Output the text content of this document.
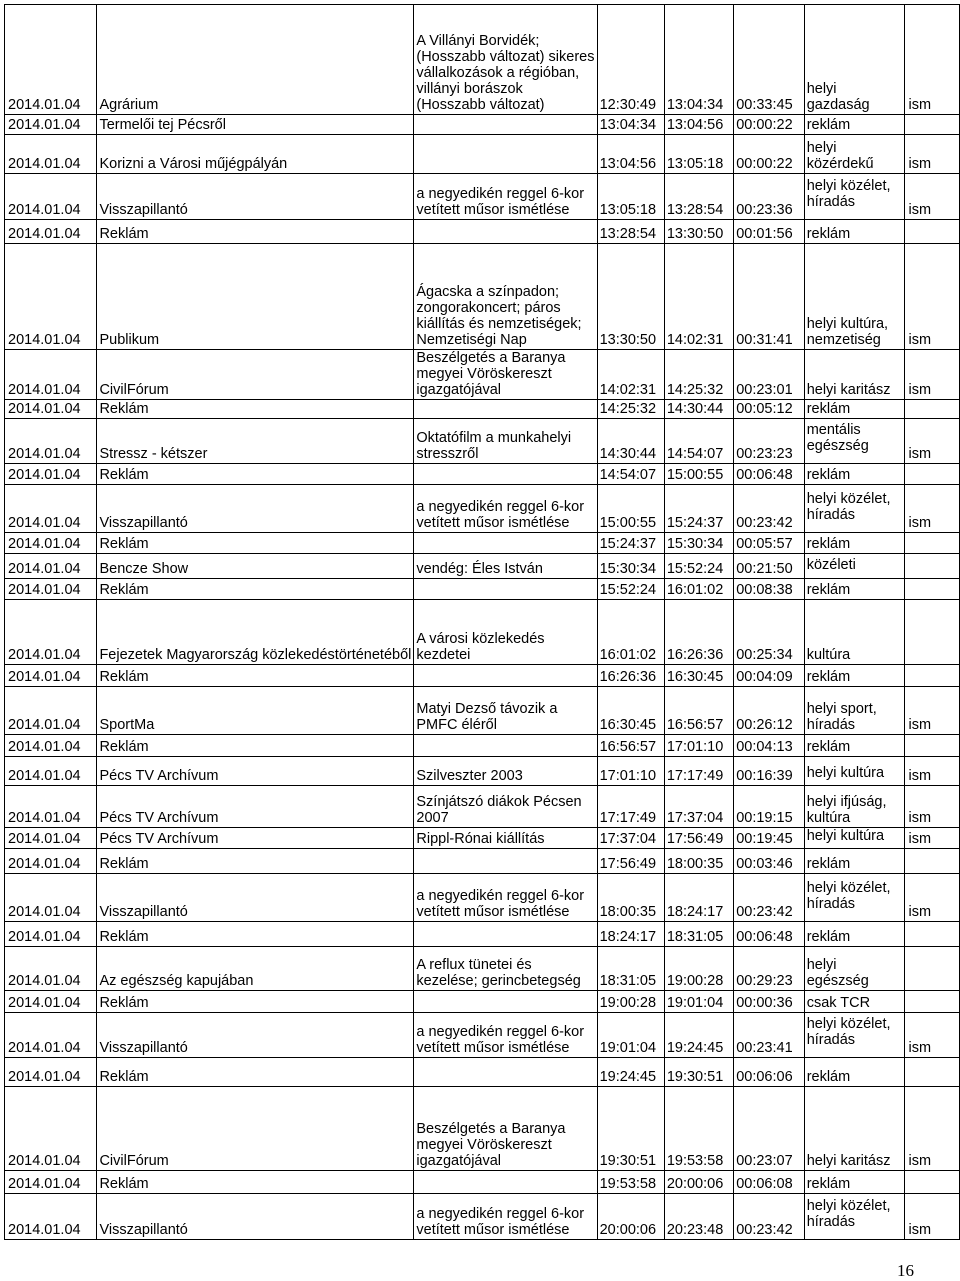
2014.01.04	Agrárium	A Villányi Borvidék; (Hosszabb változat) sikeres vállalkozások a régióban, villányi borászok (Hosszabb változat)	12:30:49	13:04:34	00:33:45	helyi gazdaság	ism
2014.01.04	Termelői tej Pécsről		13:04:34	13:04:56	00:00:22	reklám	
2014.01.04	Korizni a Városi műjégpályán		13:04:56	13:05:18	00:00:22	helyi közérdekű	ism
2014.01.04	Visszapillantó	a negyedikén reggel 6-kor vetített műsor ismétlése	13:05:18	13:28:54	00:23:36	helyi közélet, híradás	ism
2014.01.04	Reklám		13:28:54	13:30:50	00:01:56	reklám	
2014.01.04	Publikum	Ágacska a színpadon; zongorakoncert; páros kiállítás és nemzetiségek; Nemzetiségi Nap	13:30:50	14:02:31	00:31:41	helyi kultúra, nemzetiség	ism
2014.01.04	CivilFórum	Beszélgetés a Baranya megyei Vöröskereszt igazgatójával	14:02:31	14:25:32	00:23:01	helyi karitász	ism
2014.01.04	Reklám		14:25:32	14:30:44	00:05:12	reklám	
2014.01.04	Stressz - kétszer	Oktatófilm a munkahelyi stresszről	14:30:44	14:54:07	00:23:23	mentális egészség	ism
2014.01.04	Reklám		14:54:07	15:00:55	00:06:48	reklám	
2014.01.04	Visszapillantó	a negyedikén reggel 6-kor vetített műsor ismétlése	15:00:55	15:24:37	00:23:42	helyi közélet, híradás	ism
2014.01.04	Reklám		15:24:37	15:30:34	00:05:57	reklám	
2014.01.04	Bencze Show	vendég: Éles István	15:30:34	15:52:24	00:21:50	közéleti	
2014.01.04	Reklám		15:52:24	16:01:02	00:08:38	reklám	
2014.01.04	Fejezetek Magyarország közlekedéstörténetéből	A városi közlekedés kezdetei	16:01:02	16:26:36	00:25:34	kultúra	
2014.01.04	Reklám		16:26:36	16:30:45	00:04:09	reklám	
2014.01.04	SportMa	Matyi Dezső távozik a PMFC éléről	16:30:45	16:56:57	00:26:12	helyi sport, híradás	ism
2014.01.04	Reklám		16:56:57	17:01:10	00:04:13	reklám	
2014.01.04	Pécs TV Archívum	Szilveszter 2003	17:01:10	17:17:49	00:16:39	helyi kultúra	ism
2014.01.04	Pécs TV Archívum	Színjátszó diákok Pécsen 2007	17:17:49	17:37:04	00:19:15	helyi ifjúság, kultúra	ism
2014.01.04	Pécs TV Archívum	Rippl-Rónai kiállítás	17:37:04	17:56:49	00:19:45	helyi kultúra	ism
2014.01.04	Reklám		17:56:49	18:00:35	00:03:46	reklám	
2014.01.04	Visszapillantó	a negyedikén reggel 6-kor vetített műsor ismétlése	18:00:35	18:24:17	00:23:42	helyi közélet, híradás	ism
2014.01.04	Reklám		18:24:17	18:31:05	00:06:48	reklám	
2014.01.04	Az egészség kapujában	A reflux tünetei és kezelése; gerincbetegség	18:31:05	19:00:28	00:29:23	helyi egészség	
2014.01.04	Reklám		19:00:28	19:01:04	00:00:36	csak TCR	
2014.01.04	Visszapillantó	a negyedikén reggel 6-kor vetített műsor ismétlése	19:01:04	19:24:45	00:23:41	helyi közélet, híradás	ism
2014.01.04	Reklám		19:24:45	19:30:51	00:06:06	reklám	
2014.01.04	CivilFórum	Beszélgetés a Baranya megyei Vöröskereszt igazgatójával	19:30:51	19:53:58	00:23:07	helyi karitász	ism
2014.01.04	Reklám		19:53:58	20:00:06	00:06:08	reklám	
2014.01.04	Visszapillantó	a negyedikén reggel 6-kor vetített műsor ismétlése	20:00:06	20:23:48	00:23:42	helyi közélet, híradás	ism
16
